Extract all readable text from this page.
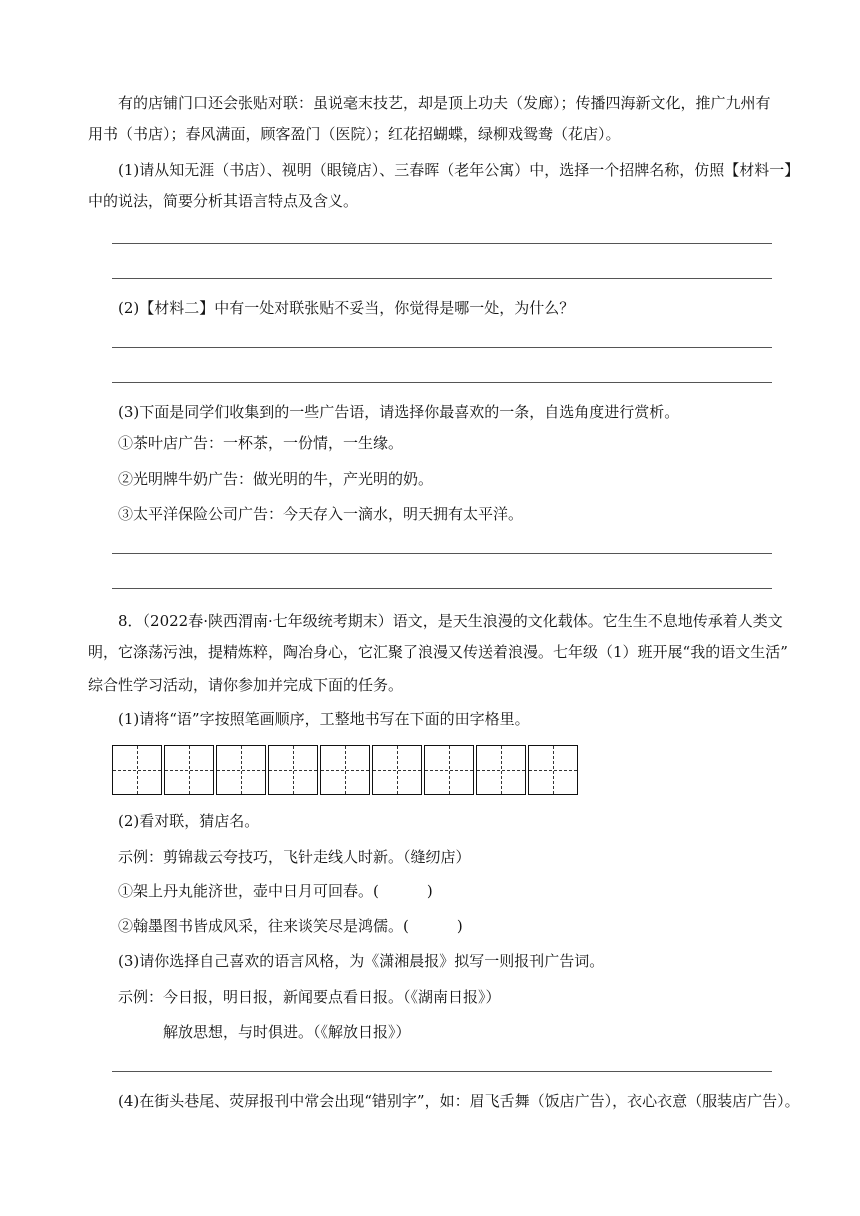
有的店铺门口还会张贴对联：虽说毫末技艺，却是顶上功夫（发廊）；传播四海新文化，推广九州有

用书（书店）；春风满面，顾客盈门（医院）；红花招蝴蝶，绿柳戏鸳鸯（花店）。

(1)请从知无涯（书店）、视明（眼镜店）、三春晖（老年公寓）中，选择一个招牌名称，仿照【材料一】

中的说法，简要分析其语言特点及含义。

(2)【材料二】中有一处对联张贴不妥当，你觉得是哪一处，为什么？

(3)下面是同学们收集到的一些广告语，请选择你最喜欢的一条，自选角度进行赏析。

①茶叶店广告：一杯茶，一份情，一生缘。

②光明牌牛奶广告：做光明的牛，产光明的奶。

③太平洋保险公司广告：今天存入一滴水，明天拥有太平洋。

8．（2022春·陕西渭南·七年级统考期末）语文，是天生浪漫的文化载体。它生生不息地传承着人类文

明，它涤荡污浊，提精炼粹，陶冶身心，它汇聚了浪漫又传送着浪漫。七年级（1）班开展“我的语文生活”

综合性学习活动，请你参加并完成下面的任务。

(1)请将“语”字按照笔画顺序，工整地书写在下面的田字格里。

(2)看对联，猜店名。

示例：剪锦裁云夸技巧，飞针走线人时新。（缝纫店）

①架上丹丸能济世，壶中日月可回春。(	)

②翰墨图书皆成风采，往来谈笑尽是鸿儒。(	)

(3)请你选择自己喜欢的语言风格，为《潇湘晨报》拟写一则报刊广告词。

示例：今日报，明日报，新闻要点看日报。（《湖南日报》）

解放思想，与时俱进。（《解放日报》）

(4)在街头巷尾、荧屏报刊中常会出现“错别字”，如：眉飞舌舞（饭店广告），衣心衣意（服装店广告）。
